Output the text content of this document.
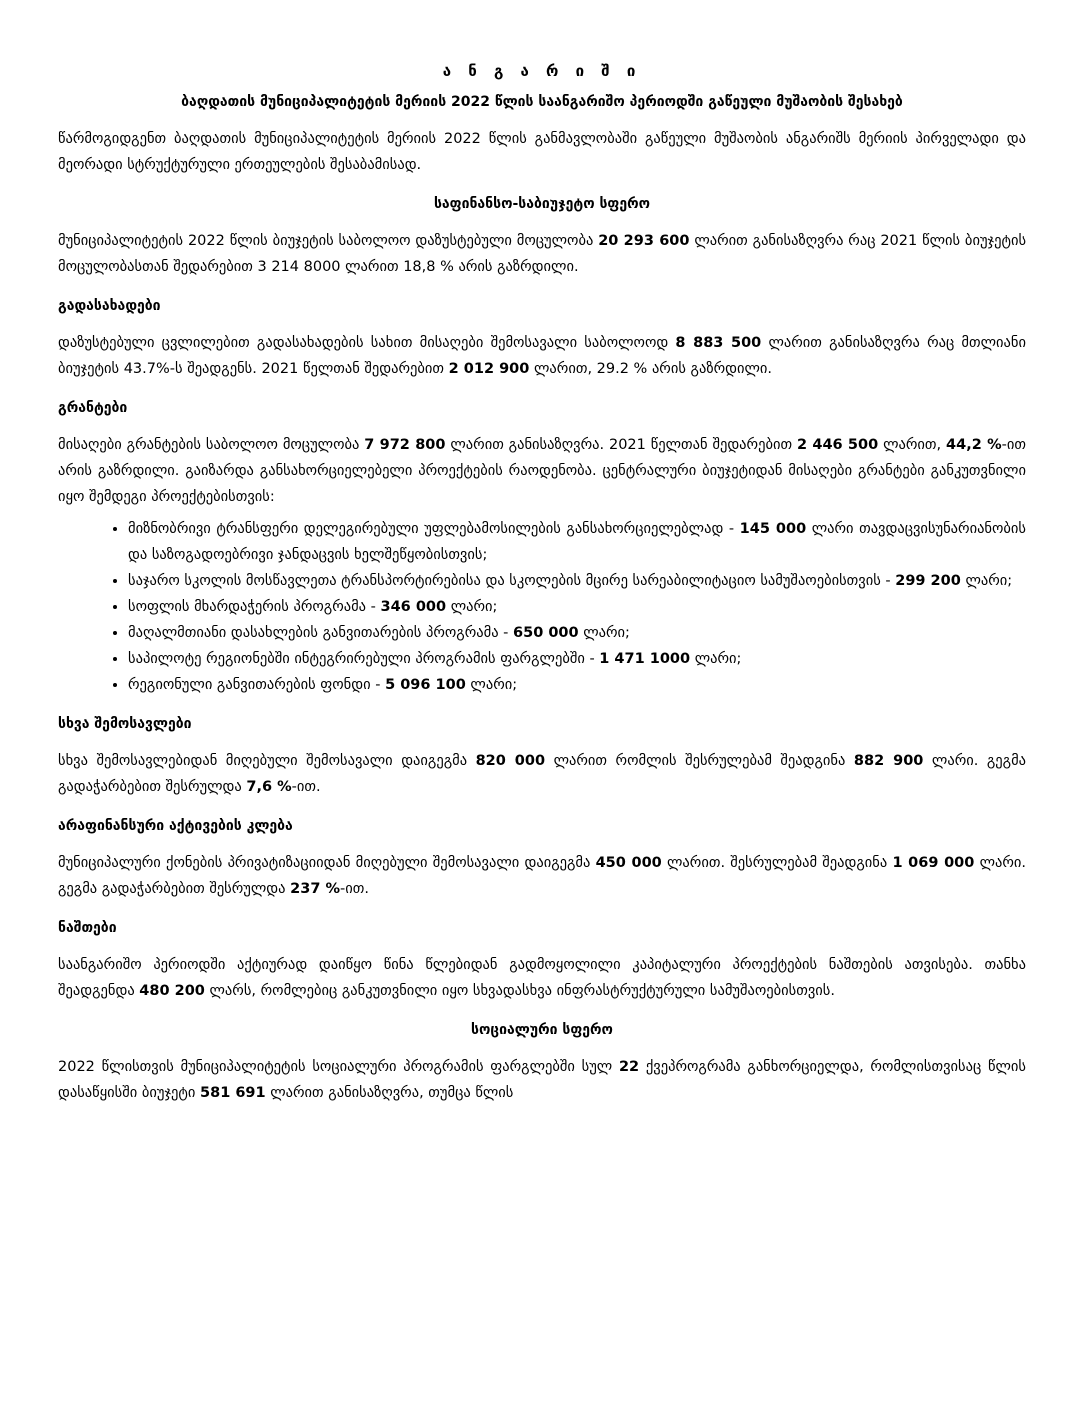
ა ნ გ ა რ ი შ ი
ბაღდათის მუნიციპალიტეტის მერიის 2022 წლის საანგარიშო პერიოდში გაწეული მუშაობის შესახებ

წარმოგიდგენთ ბაღდათის მუნიციპალიტეტის მერიის 2022 წლის განმავლობაში გაწეული მუშაობის ანგარიშს მერიის პირველადი და მეორადი სტრუქტურული ერთეულების შესაბამისად.

საფინანსო-საბიუჯეტო სფერო

მუნიციპალიტეტის 2022 წლის ბიუჯეტის საბოლოო დაზუსტებული მოცულობა 20 293 600 ლარით განისაზღვრა რაც 2021 წლის ბიუჯეტის მოცულობასთან შედარებით 3 214 8000 ლარით 18,8 % არის გაზრდილი.

გადასახადები

დაზუსტებული ცვლილებით გადასახადების სახით მისაღები შემოსავალი საბოლოოდ 8 883 500 ლარით განისაზღვრა რაც მთლიანი ბიუჯეტის 43.7%-ს შეადგენს. 2021 წელთან შედარებით 2 012 900 ლარით, 29.2 % არის გაზრდილი.

გრანტები

მისაღები გრანტების საბოლოო მოცულობა 7 972 800 ლარით განისაზღვრა. 2021 წელთან შედარებით 2 446 500 ლარით, 44,2 %-ით არის გაზრდილი. გაიზარდა განსახორციელებელი პროექტების რაოდენობა. ცენტრალური ბიუჯეტიდან მისაღები გრანტები განკუთვნილი იყო შემდეგი პროექტებისთვის:

• მიზნობრივი ტრანსფერი დელეგირებული უფლებამოსილების განსახორციელებლად - 145 000 ლარი თავდაცვისუნარიანობის და საზოგადოებრივი ჯანდაცვის ხელშეწყობისთვის;
• საჯარო სკოლის მოსწავლეთა ტრანსპორტირებისა და სკოლების მცირე სარეაბილიტაციო სამუშაოებისთვის - 299 200 ლარი;
• სოფლის მხარდაჭერის პროგრამა - 346 000 ლარი;
• მაღალმთიანი დასახლების განვითარების პროგრამა - 650 000 ლარი;
• საპილოტე რეგიონებში ინტეგრირებული პროგრამის ფარგლებში - 1 471 1000 ლარი;
• რეგიონული განვითარების ფონდი - 5 096 100 ლარი;
სხვა შემოსავლები

სხვა შემოსავლებიდან მიღებული შემოსავალი დაიგეგმა 820 000 ლარით რომლის შესრულებამ შეადგინა 882 900 ლარი. გეგმა გადაჭარბებით შესრულდა 7,6 %-ით.

არაფინანსური აქტივების კლება

მუნიციპალური ქონების პრივატიზაციიდან მიღებული შემოსავალი დაიგეგმა 450 000 ლარით. შესრულებამ შეადგინა 1 069 000 ლარი. გეგმა გადაჭარბებით შესრულდა 237 %-ით.

ნაშთები

საანგარიშო პერიოდში აქტიურად დაიწყო წინა წლებიდან გადმოყოლილი კაპიტალური პროექტების ნაშთების ათვისება. თანხა შეადგენდა 480 200 ლარს, რომლებიც განკუთვნილი იყო სხვადასხვა ინფრასტრუქტურული სამუშაოებისთვის.

სოციალური სფერო

2022 წლისთვის მუნიციპალიტეტის სოციალური პროგრამის ფარგლებში სულ 22 ქვეპროგრამა განხორციელდა, რომლისთვისაც წლის დასაწყისში ბიუჯეტი 581 691 ლარით განისაზღვრა, თუმცა წლის
